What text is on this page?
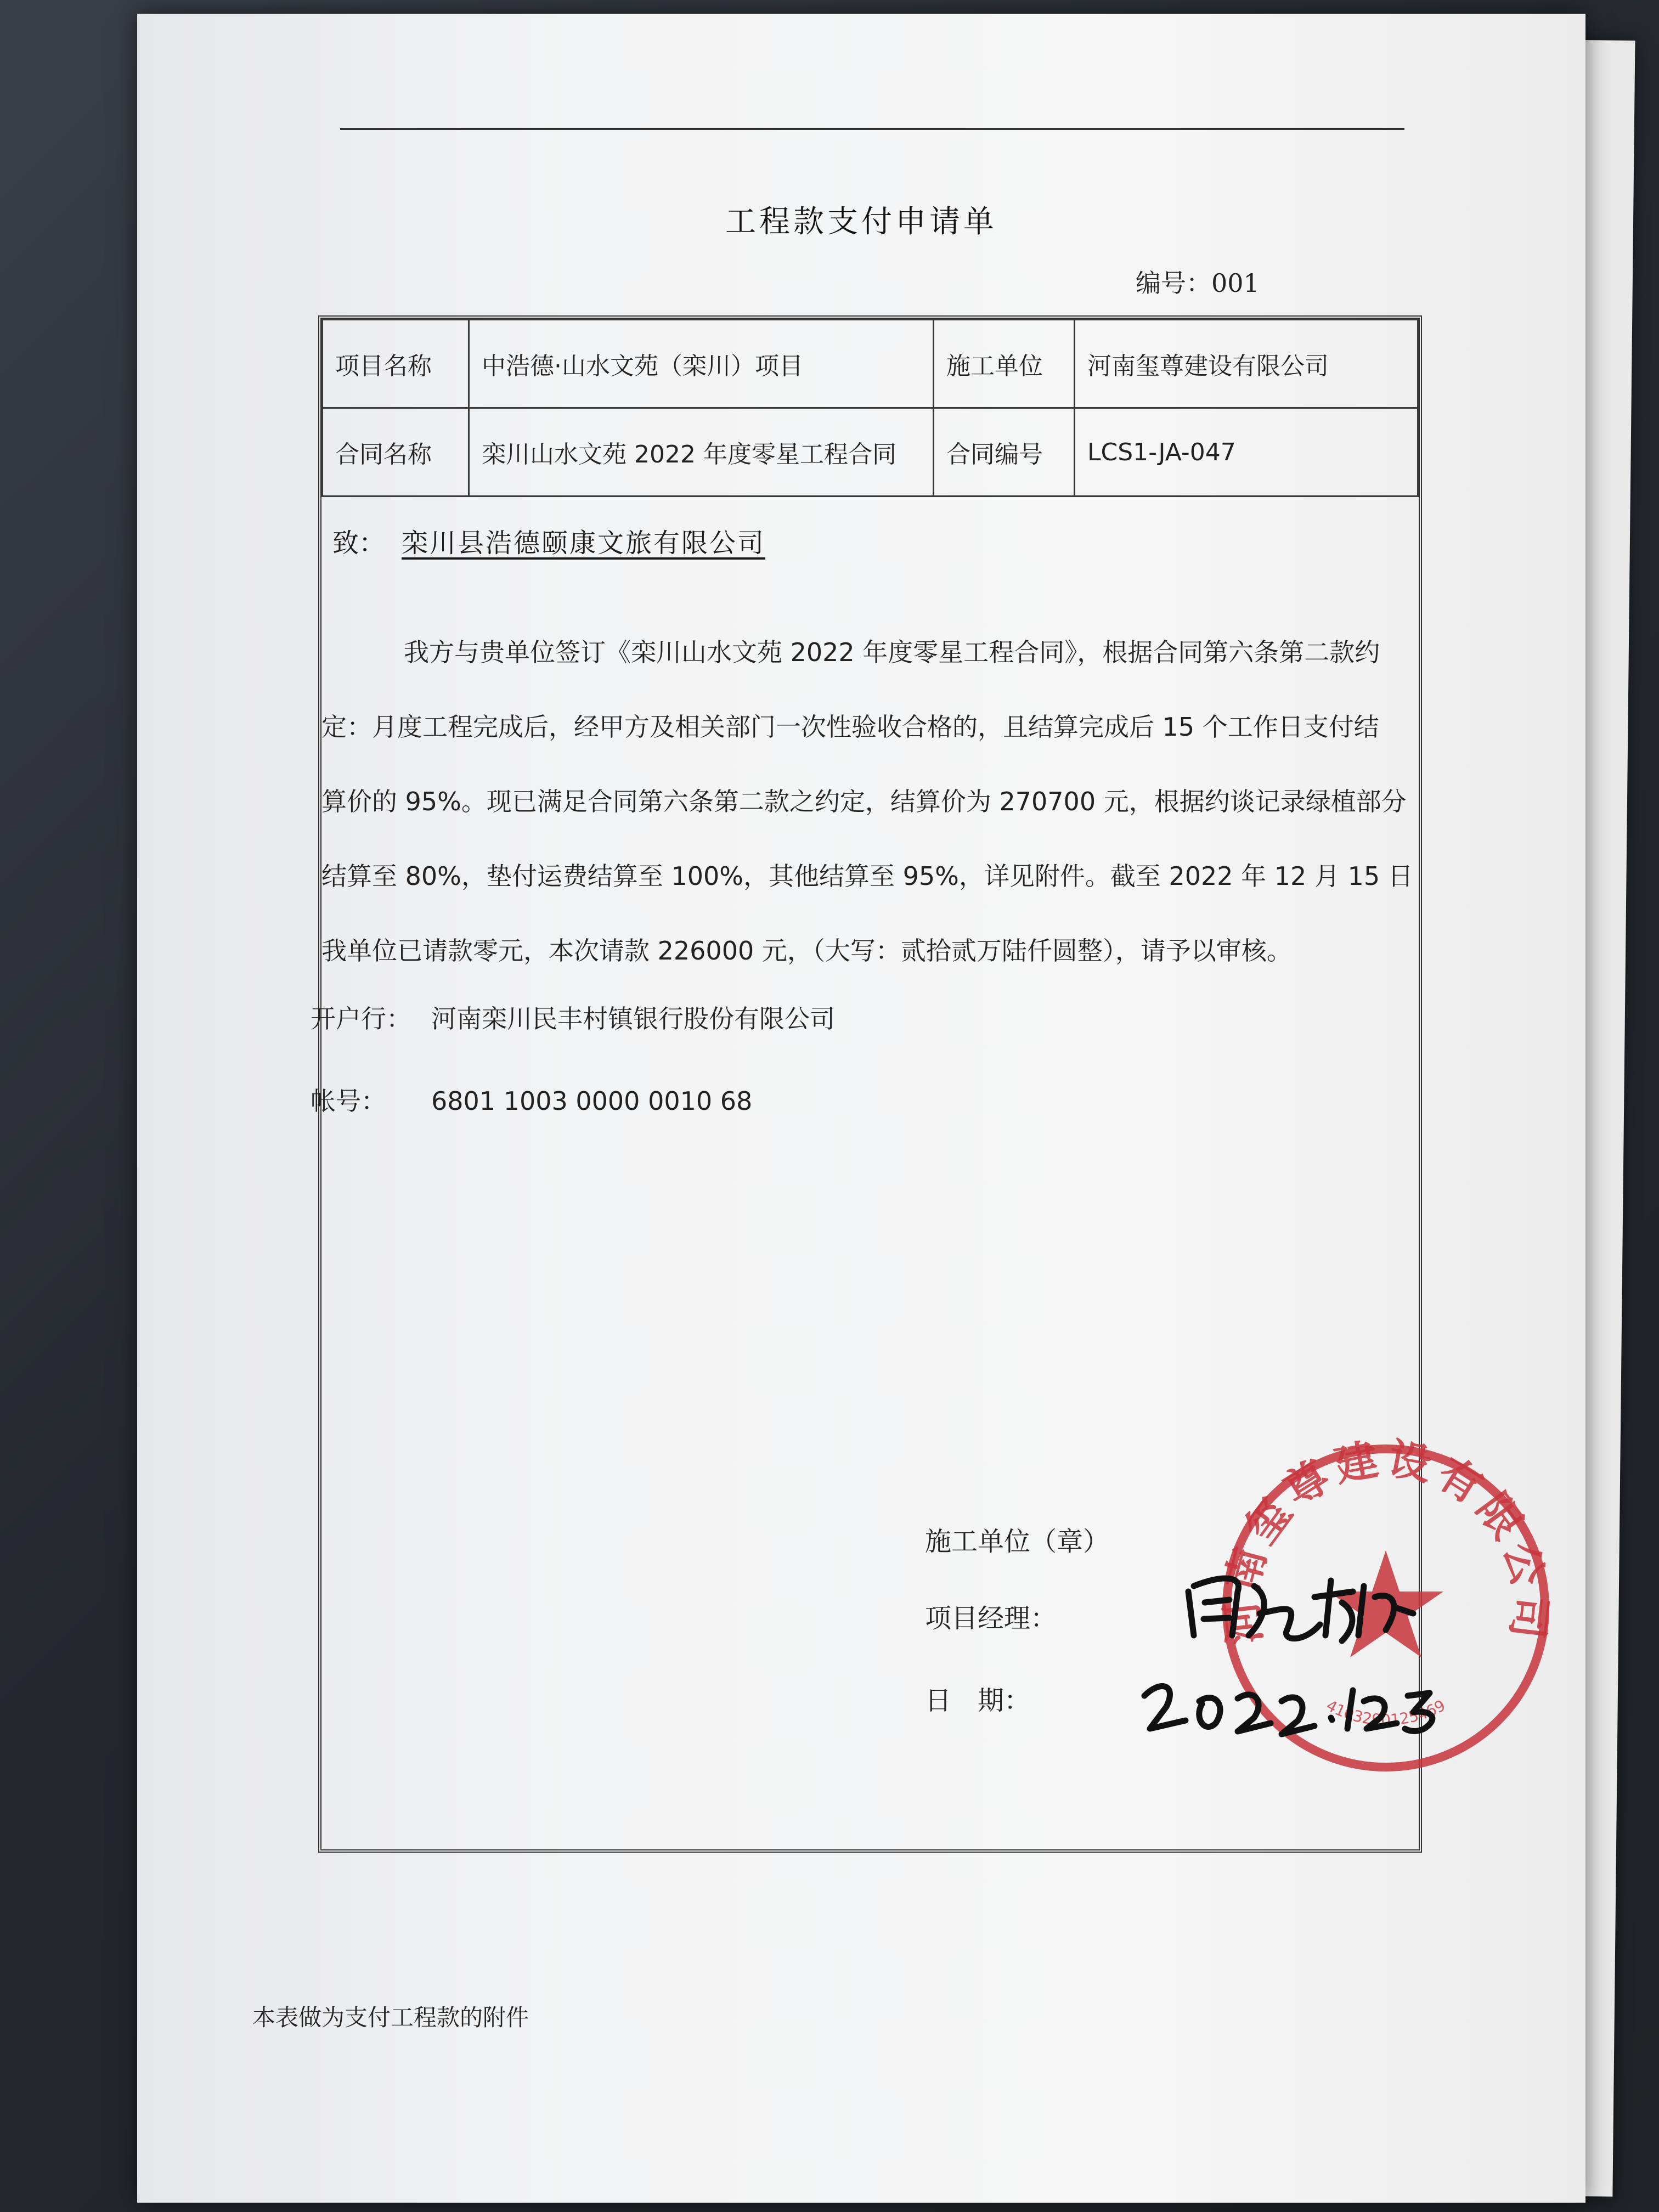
工程款支付申请单
编号：001
项目名称	中浩德·山水文苑（栾川）项目	施工单位	河南玺尊建设有限公司
合同名称	栾川山水文苑 2022 年度零星工程合同	合同编号	LCS1-JA-047
致： 栾川县浩德颐康文旅有限公司
我方与贵单位签订《栾川山水文苑 2022 年度零星工程合同》，根据合同第六条第二款约
定：月度工程完成后，经甲方及相关部门一次性验收合格的，且结算完成后 15 个工作日支付结
算价的 95%。现已满足合同第六条第二款之约定，结算价为 270700 元，根据约谈记录绿植部分
结算至 80%，垫付运费结算至 100%，其他结算至 95%，详见附件。截至 2022 年 12 月 15 日
我单位已请款零元，本次请款 226000 元，（大写：贰拾贰万陆仟圆整），请予以审核。
开户行： 河南栾川民丰村镇银行股份有限公司
帐号： 6801 1003 0000 0010 68
施工单位（章）
项目经理：
日　期：
河南玺尊建设有限公司
4103290125469
本表做为支付工程款的附件
